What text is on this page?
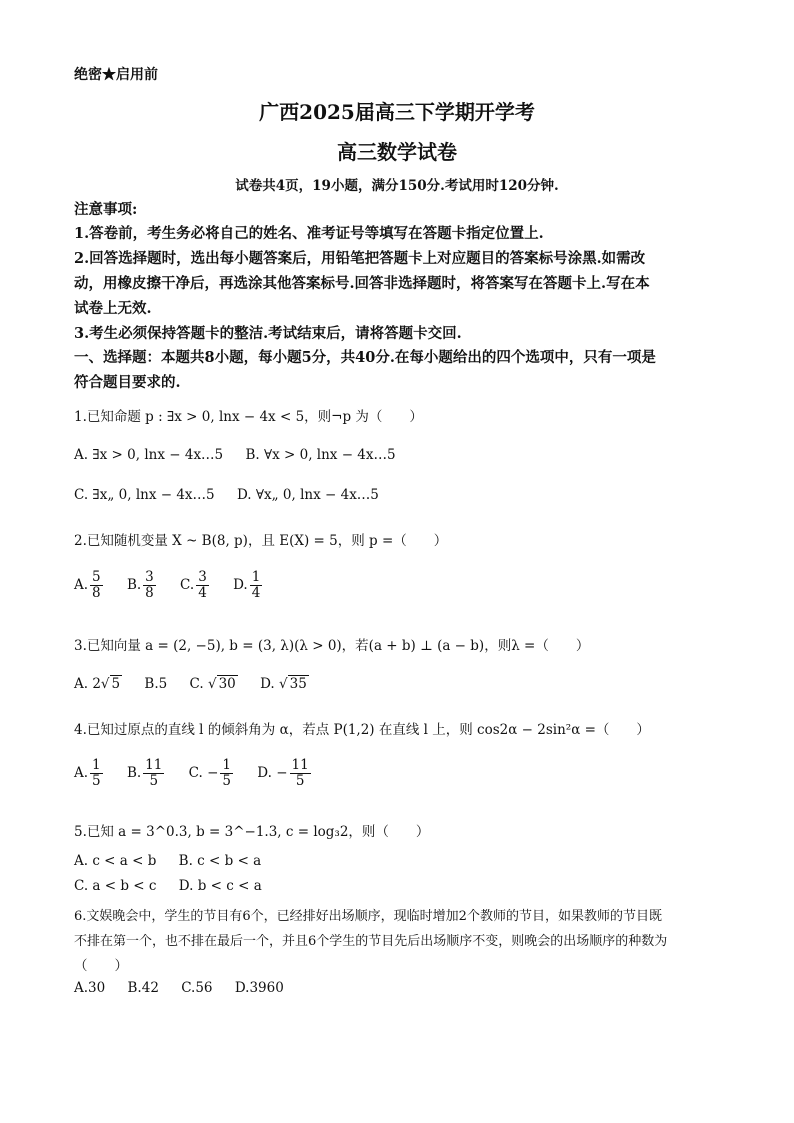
绝密★启用前
广西2025届高三下学期开学考
高三数学试卷
试卷共4页，19小题，满分150分.考试用时120分钟.
注意事项:
1.答卷前，考生务必将自己的姓名、准考证号等填写在答题卡指定位置上.
2.回答选择题时，选出每小题答案后，用铅笔把答题卡上对应题目的答案标号涂黑.如需改
动，用橡皮擦干净后，再选涂其他答案标号.回答非选择题时，将答案写在答题卡上.写在本
试卷上无效.
3.考生必须保持答题卡的整洁.考试结束后，请将答题卡交回.
一、选择题：本题共8小题，每小题5分，共40分.在每小题给出的四个选项中，只有一项是
符合题目要求的.
1.已知命题 p : ∃x > 0, lnx − 4x < 5，则¬p 为（　　）
A. ∃x > 0, lnx − 4x…5 B. ∀x > 0, lnx − 4x…5
C. ∃x„ 0, lnx − 4x…5 D. ∀x„ 0, lnx − 4x…5
2.已知随机变量 X ~ B(8, p)，且 E(X) = 5，则 p =（　　）
A. $\frac{5}{8} B$. $\frac{3}{8} C$. $\frac{3}{4} D$. $\frac{1}{4}$
3.已知向量 a = (2, −5), b = (3, λ)(λ > 0)，若(a + b) ⊥ (a − b)，则λ =（　　）
A. 2√ 5 B.5 C. √ 30 D. √ 35
4.已知过原点的直线 l 的倾斜角为 α，若点 P(1,2) 在直线 l 上，则 cos2α − 2sin²α =（　　）
A. $\frac{1}{5} B$. $\frac{11}{5} C$. − $\frac{1}{5} D$. − $\frac{11}{5}$
5.已知 a = 3^0.3, b = 3^−1.3, c = log₃2，则（　　）
A. c < a < b B. c < b < a
C. a < b < c D. b < c < a
6.文娱晚会中，学生的节目有6个，已经排好出场顺序，现临时增加2个教师的节目，如果教师的节目既
不排在第一个，也不排在最后一个，并且6个学生的节目先后出场顺序不变，则晚会的出场顺序的种数为
（　　）
A.30 B.42 C.56 D.3960
